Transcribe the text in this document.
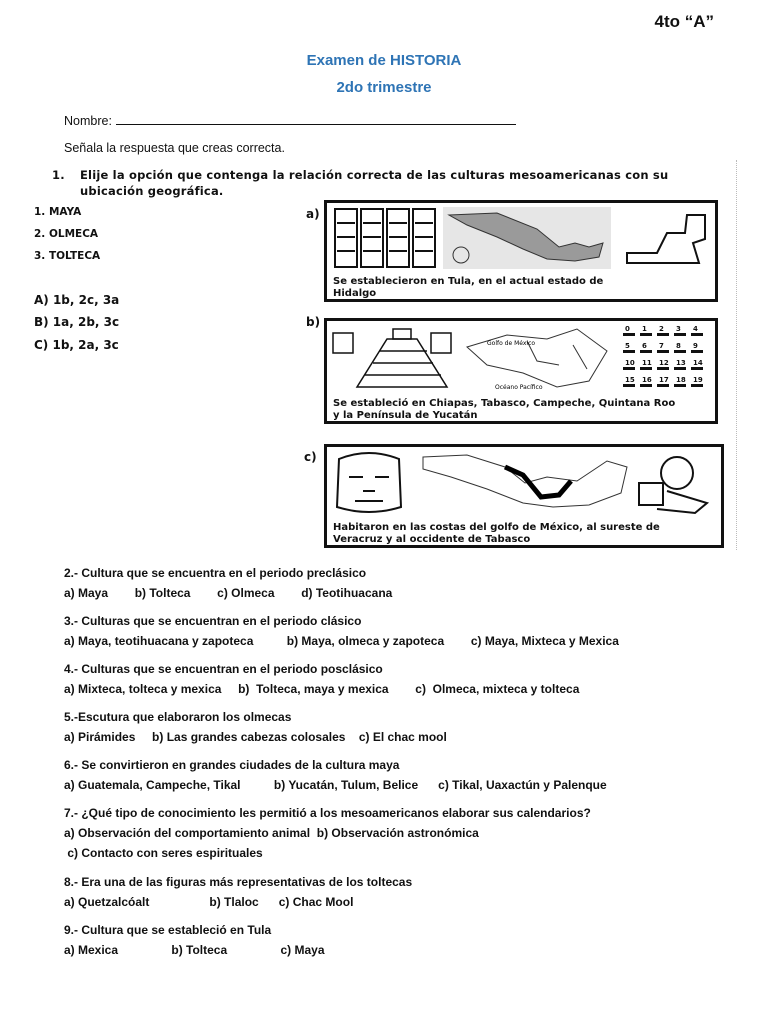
4to “A”
Examen de HISTORIA
2do trimestre
Nombre:
Señala la respuesta que creas correcta.
1. Elije la opción que contenga la relación correcta de las culturas mesoamericanas con su
ubicación geográfica.
1. MAYA
2. OLMECA
3. TOLTECA
A) 1b, 2c, 3a
B) 1a, 2b, 3c
C) 1b, 2a, 3c
a)
Se establecieron en Tula, en el actual estado de
Hidalgo
b)
Golfo de México
Océano Pacífico
0 1 2 3 4
5 6 7 8 9
10 11 12 13 14
15 16 17 18 19
Se estableció en Chiapas, Tabasco, Campeche, Quintana Roo
y la Península de Yucatán
c)
Habitaron en las costas del golfo de México, al sureste de
Veracruz y al occidente de Tabasco
2.- Cultura que se encuentra en el periodo preclásico
a) Maya b) Tolteca c) Olmeca d) Teotihuacana
3.- Culturas que se encuentran en el periodo clásico
a) Maya, teotihuacana y zapoteca	b) Maya, olmeca y zapoteca c) Maya, Mixteca y Mexica
4.- Culturas que se encuentran en el periodo posclásico
a) Mixteca, tolteca y mexica b)  Tolteca, maya y mexica c)  Olmeca, mixteca y tolteca
5.-Escutura que elaboraron los olmecas
a) Pirámides b) Las grandes cabezas colosales c) El chac mool
6.- Se convirtieron en grandes ciudades de la cultura maya
a) Guatemala, Campeche, Tikal	b) Yucatán, Tulum, Belice c) Tikal, Uaxactún y Palenque
7.- ¿Qué tipo de conocimiento les permitió a los mesoamericanos elaborar sus calendarios?
a) Observación del comportamiento animal b) Observación astronómica
c) Contacto con seres espirituales
8.- Era una de las figuras más representativas de los toltecas
a) Quetzalcóalt	b) Tlaloc c) Chac Mool
9.- Cultura que se estableció en Tula
a) Mexica	b) Tolteca	c) Maya
